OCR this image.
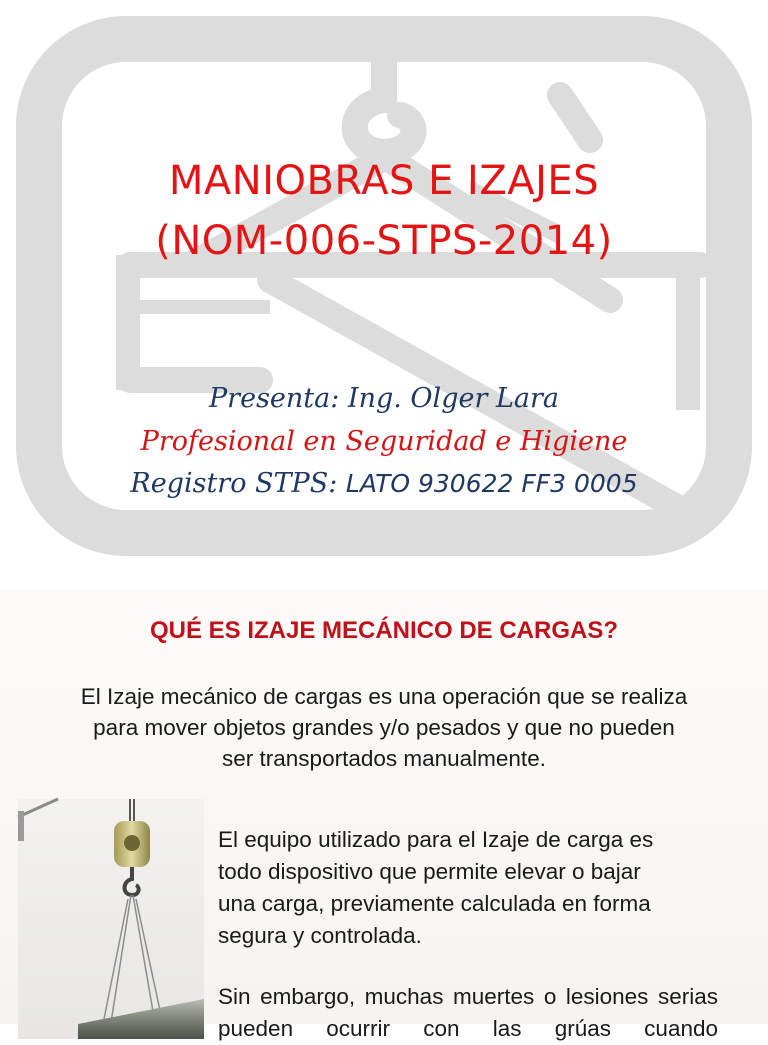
MANIOBRAS E IZAJES
(NOM-006-STPS-2014)
Presenta: Ing. Olger Lara
Profesional en Seguridad e Higiene
Registro STPS: LATO 930622 FF3 0005
QUÉ ES IZAJE MECÁNICO DE CARGAS?
El Izaje mecánico de cargas es una operación que se realiza para mover objetos grandes y/o pesados y que no pueden ser transportados manualmente.
El equipo utilizado para el Izaje de carga es
todo dispositivo que permite elevar o bajar
una carga, previamente calculada en forma
segura y controlada.
Sin embargo, muchas muertes o lesiones serias pueden ocurrir con las grúas cuando
